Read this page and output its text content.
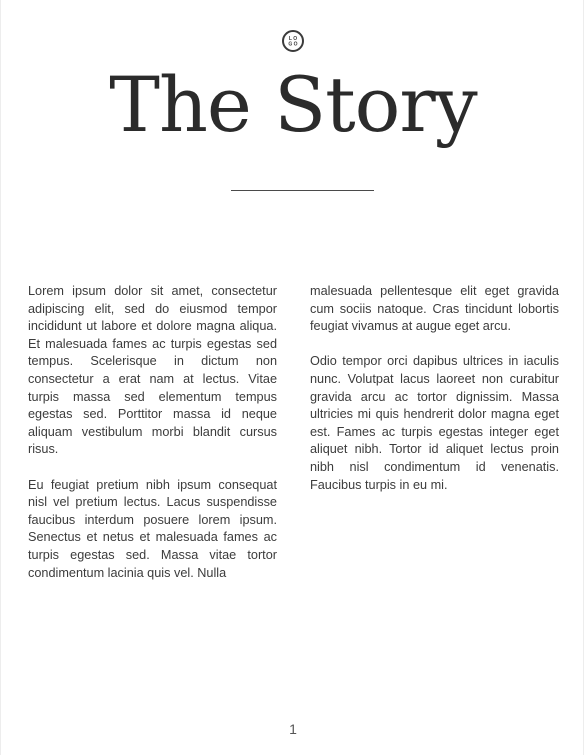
L O
G O
The Story

Lorem ipsum dolor sit amet, consectetur adipiscing elit, sed do eiusmod tempor incididunt ut labore et dolore magna aliqua. Et malesuada fames ac turpis egestas sed tempus. Scelerisque in dictum non consectetur a erat nam at lectus. Vitae turpis massa sed elementum tempus egestas sed. Porttitor massa id neque aliquam vestibulum morbi blandit cursus risus.

Eu feugiat pretium nibh ipsum consequat nisl vel pretium lectus. Lacus suspendisse faucibus interdum posuere lorem ipsum. Senectus et netus et malesuada fames ac turpis egestas sed. Massa vitae tortor condimentum lacinia quis vel. Nulla

malesuada pellentesque elit eget gravida cum sociis natoque. Cras tincidunt lobortis feugiat vivamus at augue eget arcu.

Odio tempor orci dapibus ultrices in iaculis nunc. Volutpat lacus laoreet non curabitur gravida arcu ac tortor dignissim. Massa ultricies mi quis hendrerit dolor magna eget est. Fames ac turpis egestas integer eget aliquet nibh. Tortor id aliquet lectus proin nibh nisl condimentum id venenatis. Faucibus turpis in eu mi.

1
